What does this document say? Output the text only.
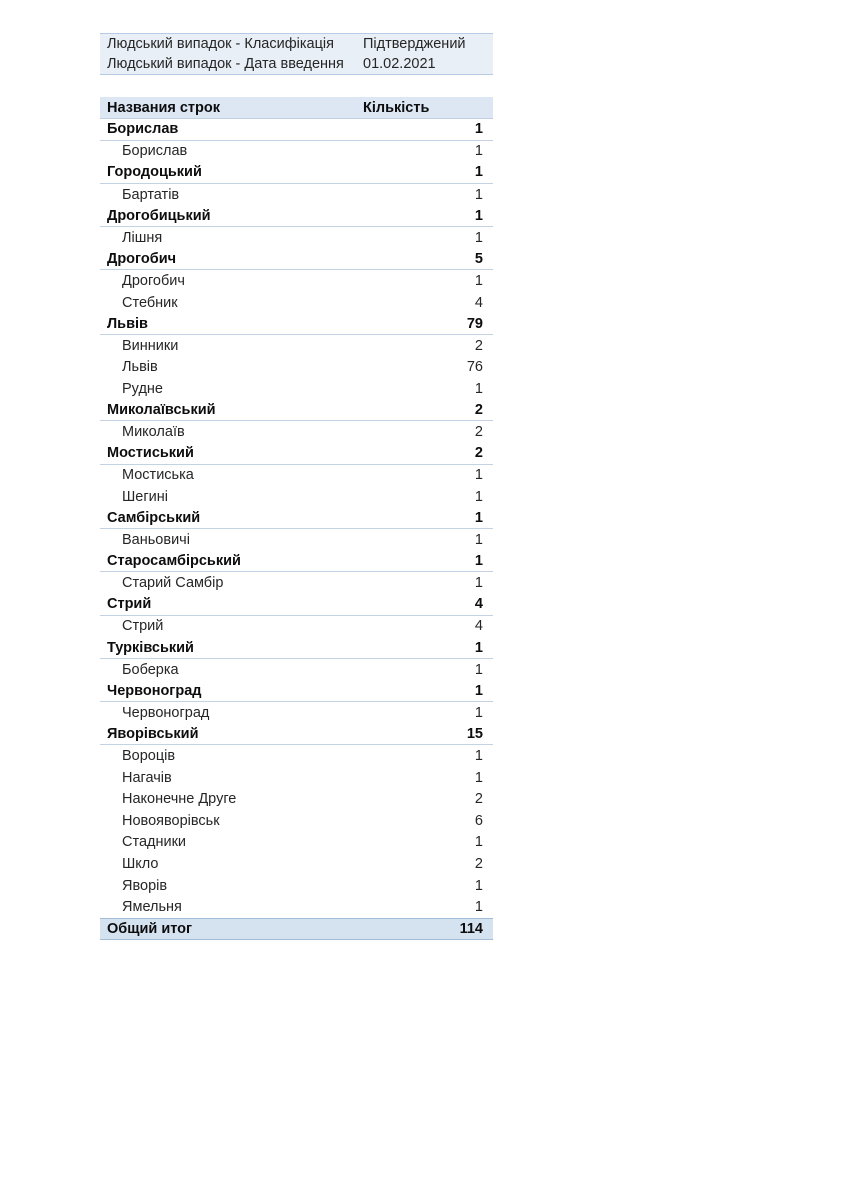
Людський випадок - Класифікація	Підтверджений
Людський випадок - Дата введення	01.02.2021
Названия строк	Кількість
Борислав	1
Борислав	1
Городоцький	1
Бартатів	1
Дрогобицький	1
Лішня	1
Дрогобич	5
Дрогобич	1
Стебник	4
Львів	79
Винники	2
Львів	76
Рудне	1
Миколаївський	2
Миколаїв	2
Мостиський	2
Мостиська	1
Шегині	1
Самбірський	1
Ваньовичі	1
Старосамбірський	1
Старий Самбір	1
Стрий	4
Стрий	4
Турківський	1
Боберка	1
Червоноград	1
Червоноград	1
Яворівський	15
Вороців	1
Нагачів	1
Наконечне Друге	2
Новояворівськ	6
Стадники	1
Шкло	2
Яворів	1
Ямельня	1
Общий итог	114
